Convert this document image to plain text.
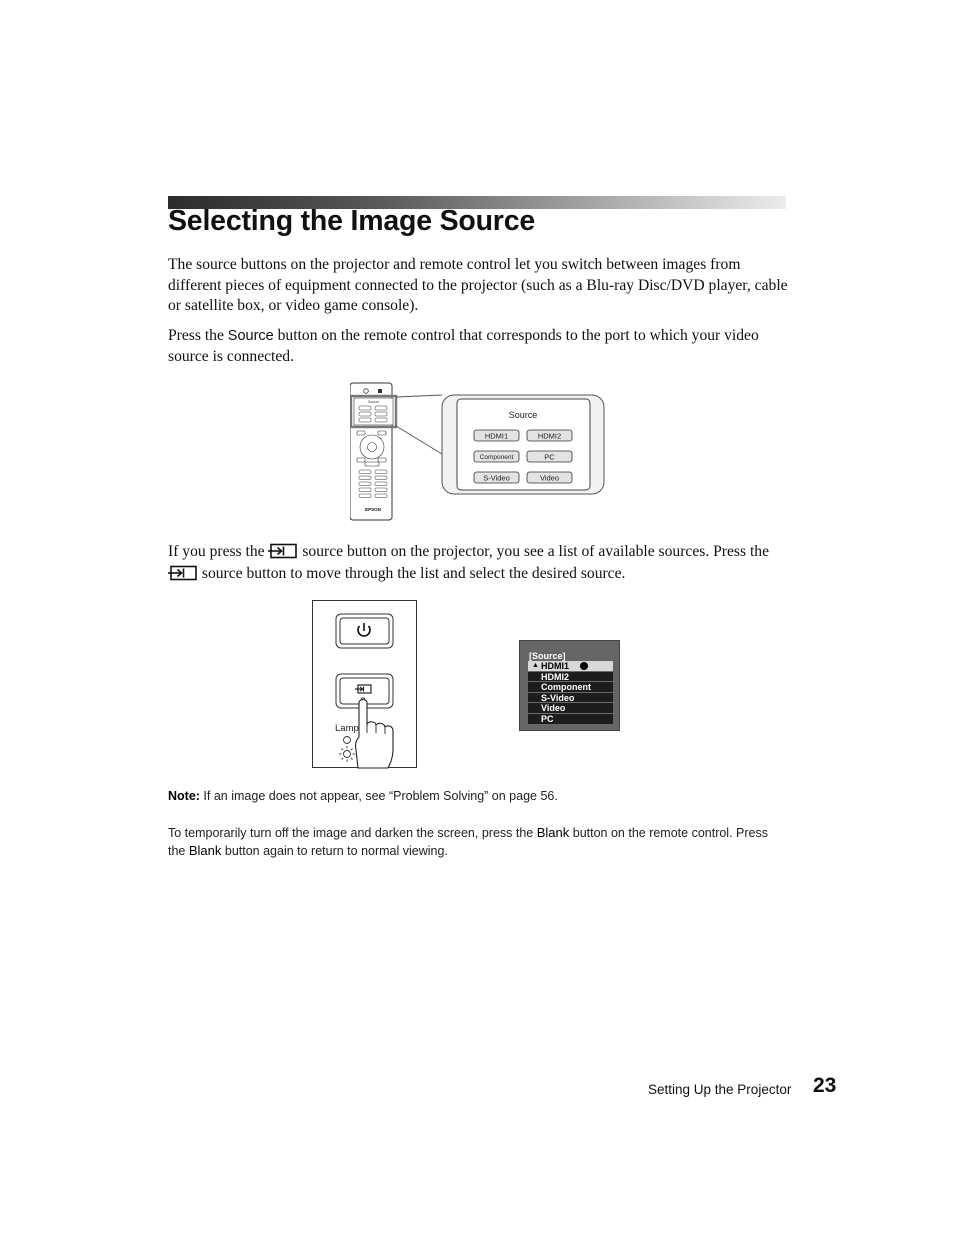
Selecting the Image Source

The source buttons on the projector and remote control let you switch between images from different pieces of equipment connected to the projector (such as a Blu-ray Disc/DVD player, cable or satellite box, or video game console).

Press the Source button on the remote control that corresponds to the port to which your video source is connected.

Source
EPSON
Source
HDMI1	HDMI2
Component	PC
S-Video	Video

If you press the  source button on the projector, you see a list of available sources. Press the  source button to move through the list and select the desired source.

Lamp
[Source]
▲ HDMI1
HDMI2
Component
S-Video
Video
PC

Note: If an image does not appear, see “Problem Solving” on page 56.

To temporarily turn off the image and darken the screen, press the Blank button on the remote control. Press the Blank button again to return to normal viewing.

Setting Up the Projector 23
